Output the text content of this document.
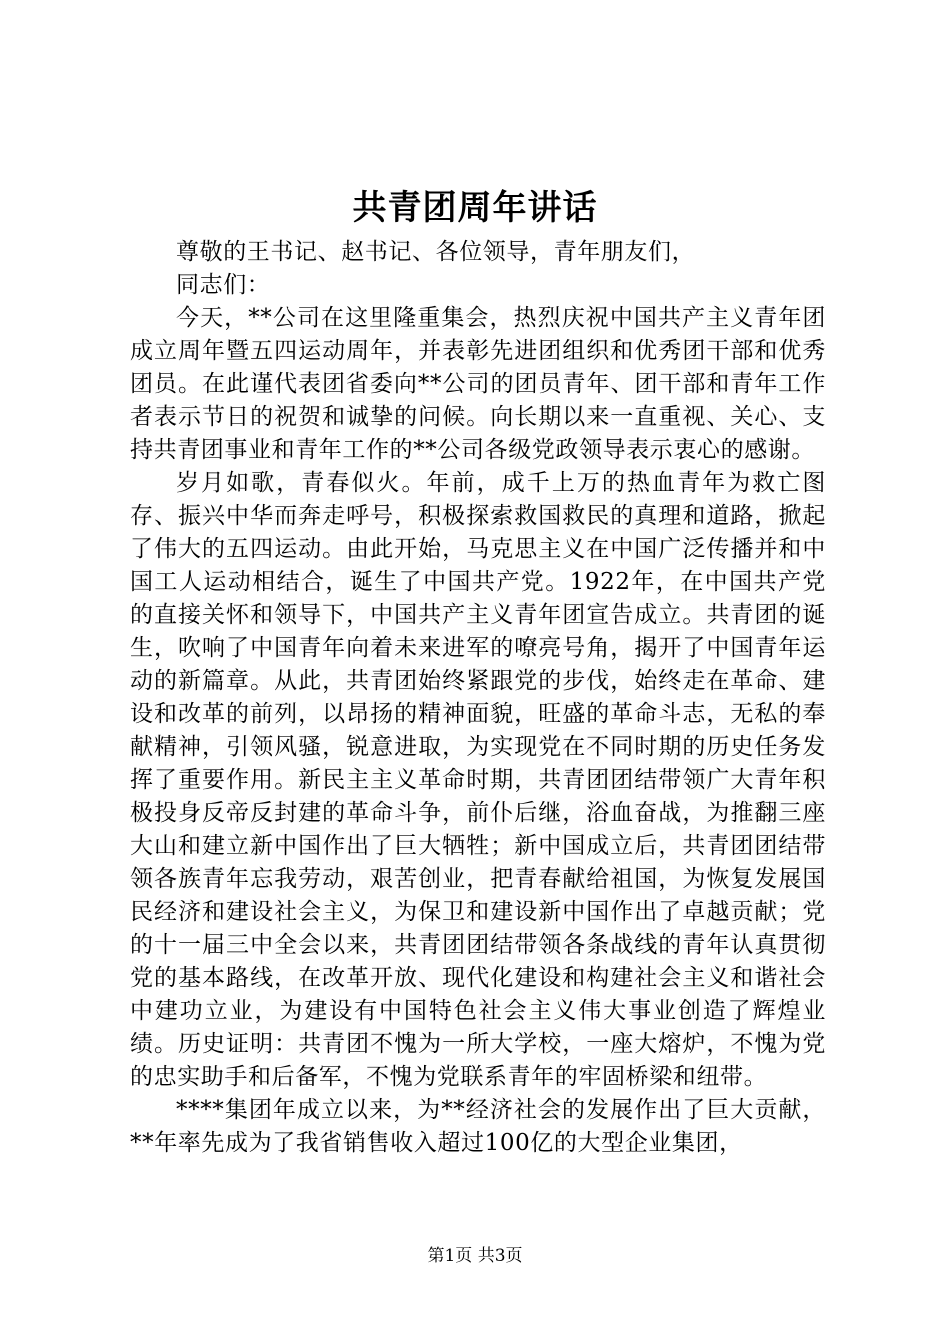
共青团周年讲话

尊敬的王书记、赵书记、各位领导，青年朋友们，

同志们：

今天，**公司在这里隆重集会，热烈庆祝中国共产主义青年团成立周年暨五四运动周年，并表彰先进团组织和优秀团干部和优秀团员。在此谨代表团省委向**公司的团员青年、团干部和青年工作者表示节日的祝贺和诚挚的问候。向长期以来一直重视、关心、支持共青团事业和青年工作的**公司各级党政领导表示衷心的感谢。

岁月如歌，青春似火。年前，成千上万的热血青年为救亡图存、振兴中华而奔走呼号，积极探索救国救民的真理和道路，掀起了伟大的五四运动。由此开始，马克思主义在中国广泛传播并和中国工人运动相结合，诞生了中国共产党。1922年，在中国共产党的直接关怀和领导下，中国共产主义青年团宣告成立。共青团的诞生，吹响了中国青年向着未来进军的嘹亮号角，揭开了中国青年运动的新篇章。从此，共青团始终紧跟党的步伐，始终走在革命、建设和改革的前列，以昂扬的精神面貌，旺盛的革命斗志，无私的奉献精神，引领风骚，锐意进取，为实现党在不同时期的历史任务发挥了重要作用。新民主主义革命时期，共青团团结带领广大青年积极投身反帝反封建的革命斗争，前仆后继，浴血奋战，为推翻三座大山和建立新中国作出了巨大牺牲；新中国成立后，共青团团结带领各族青年忘我劳动，艰苦创业，把青春献给祖国，为恢复发展国民经济和建设社会主义，为保卫和建设新中国作出了卓越贡献；党的十一届三中全会以来，共青团团结带领各条战线的青年认真贯彻党的基本路线，在改革开放、现代化建设和构建社会主义和谐社会中建功立业，为建设有中国特色社会主义伟大事业创造了辉煌业绩。历史证明：共青团不愧为一所大学校，一座大熔炉，不愧为党的忠实助手和后备军，不愧为党联系青年的牢固桥梁和纽带。

****集团年成立以来，为**经济社会的发展作出了巨大贡献，**年率先成为了我省销售收入超过100亿的大型企业集团，

第1页 共3页
